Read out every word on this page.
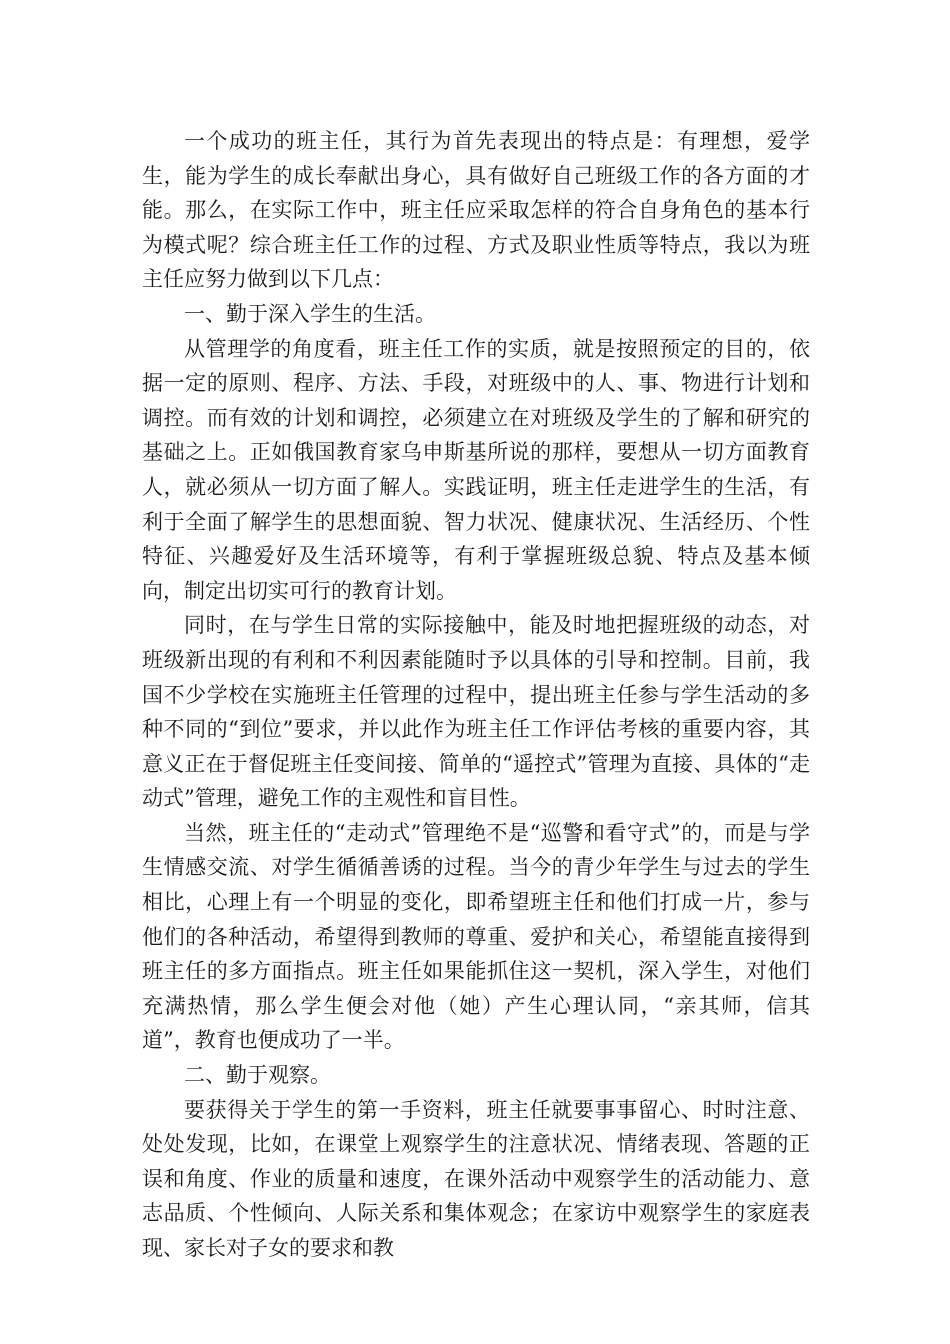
一个成功的班主任，其行为首先表现出的特点是：有理想，爱学生，能为学生的成长奉献出身心，具有做好自己班级工作的各方面的才能。那么，在实际工作中，班主任应采取怎样的符合自身角色的基本行为模式呢？综合班主任工作的过程、方式及职业性质等特点，我以为班主任应努力做到以下几点：

一、勤于深入学生的生活。

从管理学的角度看，班主任工作的实质，就是按照预定的目的，依据一定的原则、程序、方法、手段，对班级中的人、事、物进行计划和调控。而有效的计划和调控，必须建立在对班级及学生的了解和研究的基础之上。正如俄国教育家乌申斯基所说的那样，要想从一切方面教育人，就必须从一切方面了解人。实践证明，班主任走进学生的生活，有利于全面了解学生的思想面貌、智力状况、健康状况、生活经历、个性特征、兴趣爱好及生活环境等，有利于掌握班级总貌、特点及基本倾向，制定出切实可行的教育计划。

同时，在与学生日常的实际接触中，能及时地把握班级的动态，对班级新出现的有利和不利因素能随时予以具体的引导和控制。目前，我国不少学校在实施班主任管理的过程中，提出班主任参与学生活动的多种不同的“到位”要求，并以此作为班主任工作评估考核的重要内容，其意义正在于督促班主任变间接、简单的“遥控式”管理为直接、具体的“走动式”管理，避免工作的主观性和盲目性。

当然，班主任的“走动式”管理绝不是“巡警和看守式”的，而是与学生情感交流、对学生循循善诱的过程。当今的青少年学生与过去的学生相比，心理上有一个明显的变化，即希望班主任和他们打成一片，参与他们的各种活动，希望得到教师的尊重、爱护和关心，希望能直接得到班主任的多方面指点。班主任如果能抓住这一契机，深入学生，对他们充满热情，那么学生便会对他（她）产生心理认同，“亲其师，信其道”，教育也便成功了一半。

二、勤于观察。

要获得关于学生的第一手资料，班主任就要事事留心、时时注意、处处发现，比如，在课堂上观察学生的注意状况、情绪表现、答题的正误和角度、作业的质量和速度，在课外活动中观察学生的活动能力、意志品质、个性倾向、人际关系和集体观念；在家访中观察学生的家庭表现、家长对子女的要求和教
